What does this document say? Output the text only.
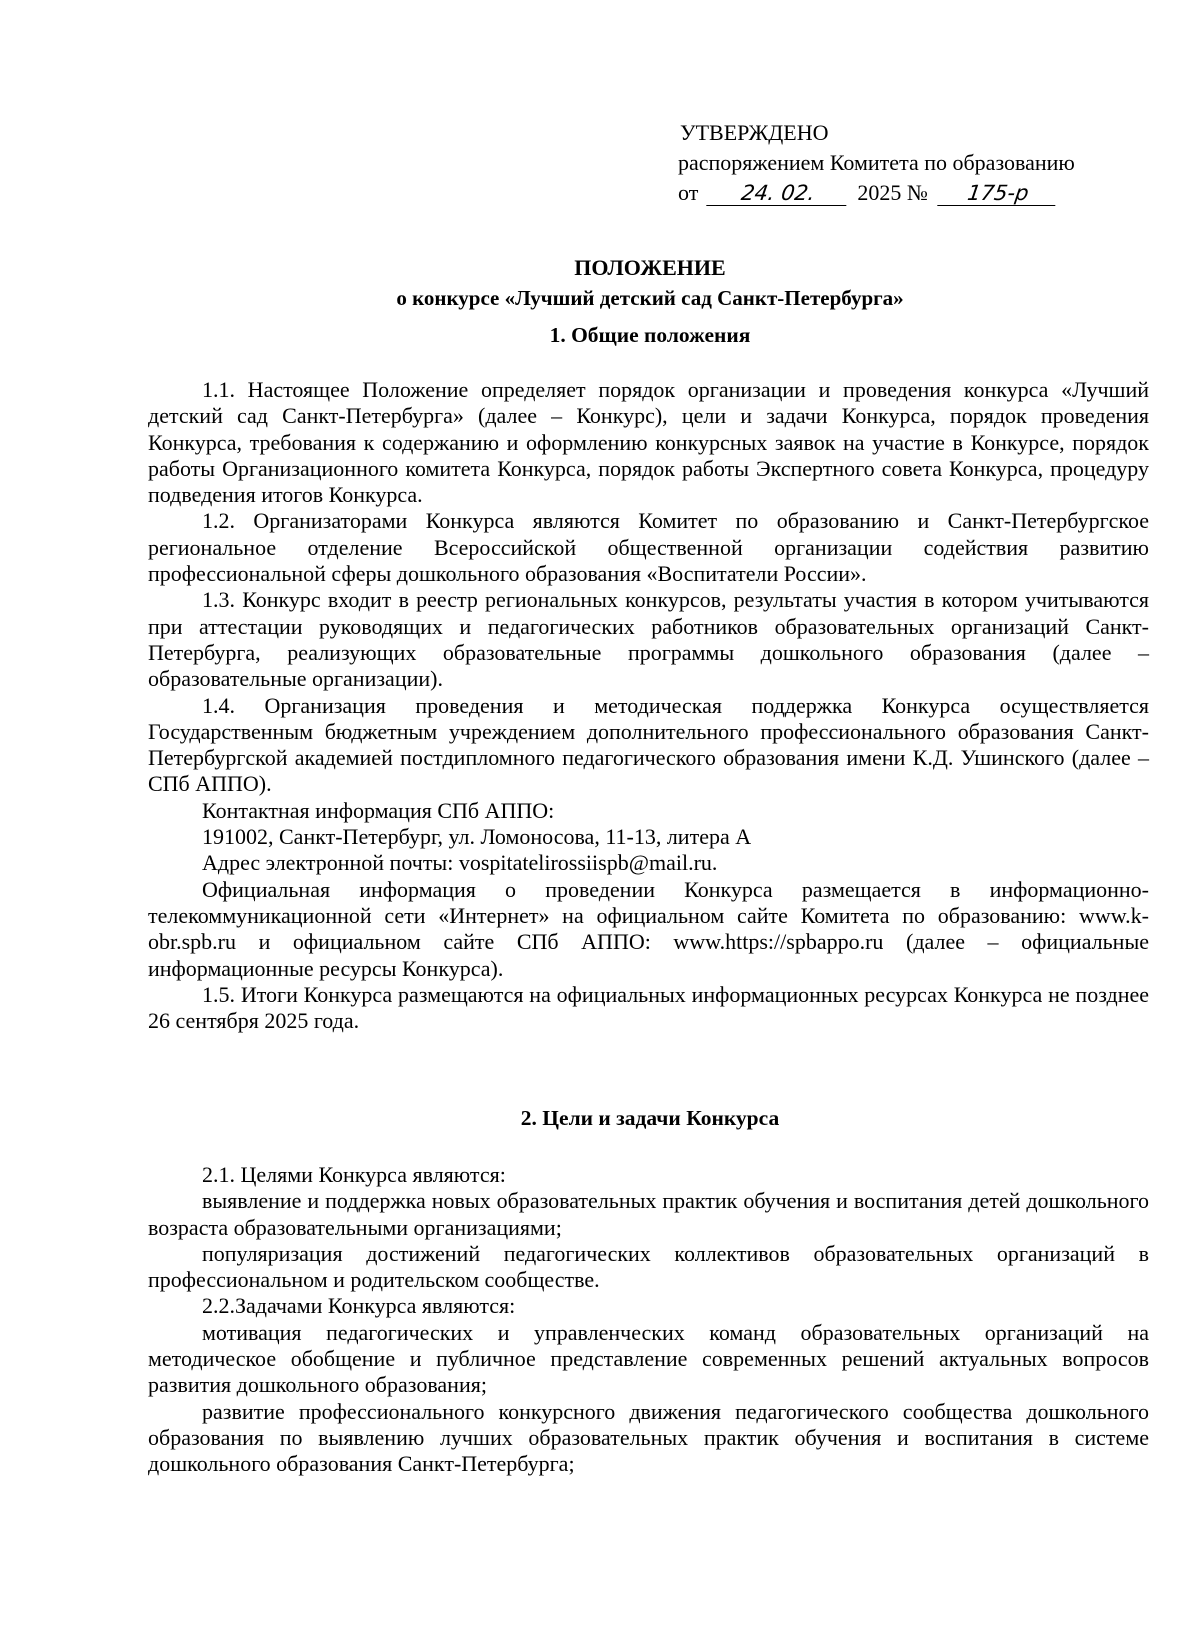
УТВЕРЖДЕНО
распоряжением Комитета по образованию
от 24. 02. 2025 № 175-р
ПОЛОЖЕНИЕ
о конкурсе «Лучший детский сад Санкт-Петербурга»
1. Общие положения

1.1. Настоящее Положение определяет порядок организации и проведения конкурса «Лучший детский сад Санкт-Петербурга» (далее – Конкурс), цели и задачи Конкурса, порядок проведения Конкурса, требования к содержанию и оформлению конкурсных заявок на участие в Конкурсе, порядок работы Организационного комитета Конкурса, порядок работы Экспертного совета Конкурса, процедуру подведения итогов Конкурса.

1.2. Организаторами Конкурса являются Комитет по образованию и Санкт-Петербургское региональное отделение Всероссийской общественной организации содействия развитию профессиональной сферы дошкольного образования «Воспитатели России».

1.3. Конкурс входит в реестр региональных конкурсов, результаты участия в котором учитываются при аттестации руководящих и педагогических работников образовательных организаций Санкт-Петербурга, реализующих образовательные программы дошкольного образования (далее – образовательные организации).

1.4. Организация проведения и методическая поддержка Конкурса осуществляется Государственным бюджетным учреждением дополнительного профессионального образования Санкт-Петербургской академией постдипломного педагогического образования имени К.Д. Ушинского (далее – СПб АППО).

Контактная информация СПб АППО:

191002, Санкт-Петербург, ул. Ломоносова, 11-13, литера А

Адрес электронной почты: vospitatelirossiispb@mail.ru.

Официальная информация о проведении Конкурса размещается в информационно-телекоммуникационной сети «Интернет» на официальном сайте Комитета по образованию: www.k-obr.spb.ru и официальном сайте СПб АППО: www.https://spbappo.ru (далее – официальные информационные ресурсы Конкурса).

1.5. Итоги Конкурса размещаются на официальных информационных ресурсах Конкурса не позднее 26 сентября 2025 года.

2. Цели и задачи Конкурса

2.1. Целями Конкурса являются:

выявление и поддержка новых образовательных практик обучения и воспитания детей дошкольного возраста образовательными организациями;

популяризация достижений педагогических коллективов образовательных организаций в профессиональном и родительском сообществе.

2.2.Задачами Конкурса являются:

мотивация педагогических и управленческих команд образовательных организаций на методическое обобщение и публичное представление современных решений актуальных вопросов развития дошкольного образования;

развитие профессионального конкурсного движения педагогического сообщества дошкольного образования по выявлению лучших образовательных практик обучения и воспитания в системе дошкольного образования Санкт-Петербурга;
